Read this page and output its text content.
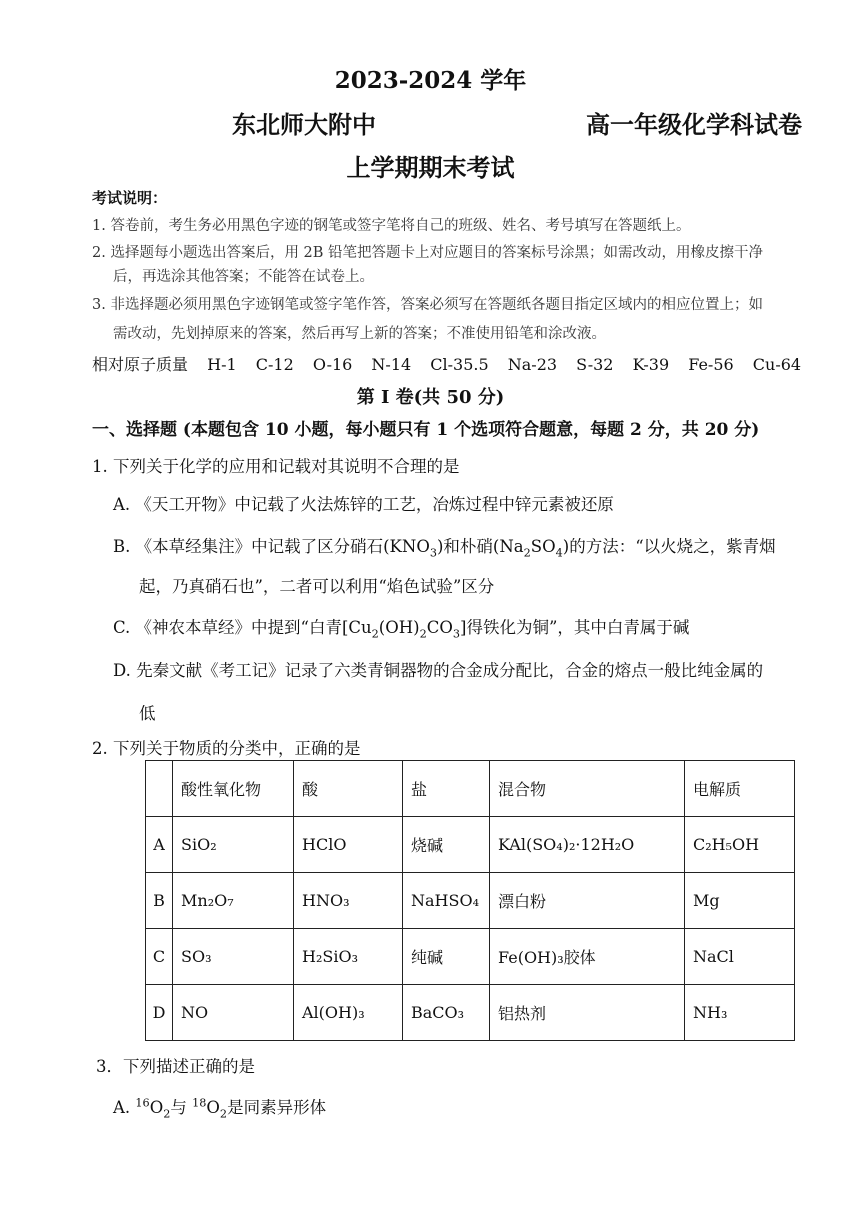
2023-2024 学年
东北师大附中	高一年级化学科试卷
上学期期末考试
考试说明：
1. 答卷前，考生务必用黑色字迹的钢笔或签字笔将自己的班级、姓名、考号填写在答题纸上。
2. 选择题每小题选出答案后，用 2B 铅笔把答题卡上对应题目的答案标号涂黑；如需改动，用橡皮擦干净
后，再选涂其他答案；不能答在试卷上。
3. 非选择题必须用黑色字迹钢笔或签字笔作答，答案必须写在答题纸各题目指定区域内的相应位置上；如
需改动，先划掉原来的答案，然后再写上新的答案；不准使用铅笔和涂改液。
相对原子质量 H-1 C-12 O-16 N-14 Cl-35.5 Na-23 S-32 K-39 Fe-56 Cu-64
第 I 卷(共 50 分)
一、选择题 (本题包含 10 小题，每小题只有 1 个选项符合题意，每题 2 分，共 20 分)
1. 下列关于化学的应用和记载对其说明不合理的是
A. 《天工开物》中记载了火法炼锌的工艺，冶炼过程中锌元素被还原
B. 《本草经集注》中记载了区分硝石$(KNO_3)$和朴硝$(Na_2SO_4)$的方法：“以火烧之，紫青烟
起，乃真硝石也”，二者可以利用“焰色试验”区分
C. 《神农本草经》中提到“白青$[Cu_2(OH)_2CO_3]$得铁化为铜”，其中白青属于碱
D. 先秦文献《考工记》记录了六类青铜器物的合金成分配比，合金的熔点一般比纯金属的
低
2. 下列关于物质的分类中，正确的是
	酸性氧化物	酸	盐	混合物	电解质
A	SiO₂	HClO	烧碱	KAl(SO₄)₂·12H₂O	C₂H₅OH
B	Mn₂O₇	HNO₃	NaHSO₄	漂白粉	Mg
C	SO₃	H₂SiO₃	纯碱	Fe(OH)₃胶体	NaCl
D	NO	Al(OH)₃	BaCO₃	铝热剂	NH₃
3．下列描述正确的是
A. $^{16}O_2$与 $^{18}O_2$是同素异形体
